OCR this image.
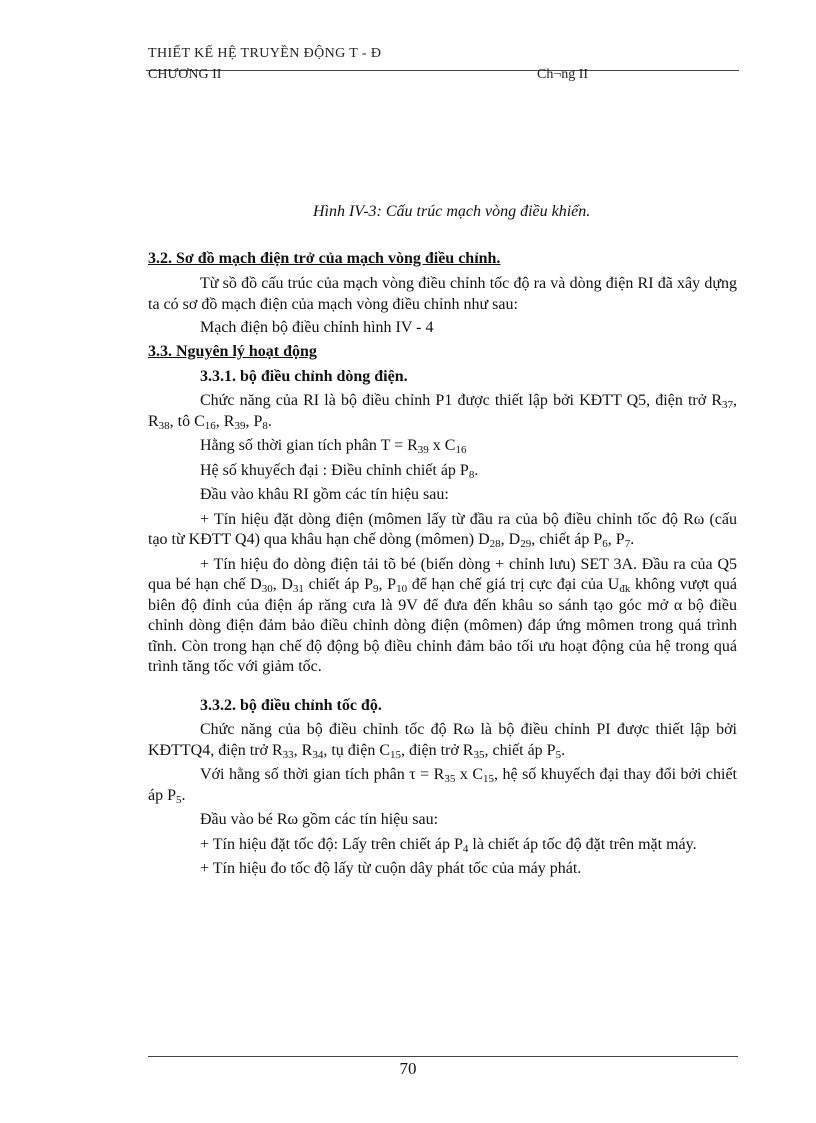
THIẾT KẾ HỆ TRUYỀN ĐỘNG T - Đ
CHƯƠNG II	Ch¬ng II
Hình IV-3: Cấu trúc mạch vòng điều khiển.
3.2. Sơ đồ mạch điện trở của mạch vòng điều chỉnh.

Từ sồ đồ cấu trúc của mạch vòng điều chỉnh tốc độ ra và dòng điện RI đã xây dựng ta có sơ đồ mạch điện của mạch vòng điều chỉnh như sau:

Mạch điện bộ điều chỉnh hình IV - 4
3.3. Nguyên lý hoạt động
3.3.1. bộ điều chỉnh dòng điện.

Chức năng của RI là bộ điều chỉnh P1 được thiết lập bởi KĐTT Q5, điện trở $R_{37}$, $R_{38}$, tô $C_{16}$, $R_{39}$, $P_8$.

Hằng số thời gian tích phân $T = R_{39}$ x $C_{16}$

Hệ số khuyếch đại : Điều chỉnh chiết áp $P_8$.

Đầu vào khâu RI gồm các tín hiệu sau:

+ Tín hiệu đặt dòng điện (mômen lấy từ đầu ra của bộ điều chỉnh tốc độ Rω (cấu tạo từ KĐTT Q4) qua khâu hạn chế dòng (mômen) $D_{28}$, $D_{29}$, chiết áp $P_6$, $P_7$.

+ Tín hiệu đo dòng điện tải tõ bé (biến dòng + chỉnh lưu) SET 3A. Đầu ra của Q5 qua bé hạn chế $D_{30}$, $D_{31}$ chiết áp $P_9$, $P_{10}$ để hạn chế giá trị cực đại của $U_{đk}$ không vượt quá biên độ đỉnh của điện áp răng cưa là 9V để đưa đến khâu so sánh tạo góc mở α bộ điều chỉnh dòng điện đảm bảo điều chỉnh dòng điện (mômen) đáp ứng mômen trong quá trình tĩnh. Còn trong hạn chế độ động bộ điều chỉnh đảm bảo tối ưu hoạt động của hệ trong quá trình tăng tốc với giảm tốc.

3.3.2. bộ điều chỉnh tốc độ.

Chức năng của bộ điều chỉnh tốc độ Rω là bộ điều chỉnh PI được thiết lập bởi KĐTTQ4, điện trở $R_{33}$, $R_{34}$, tụ điện $C_{15}$, điện trở $R_{35}$, chiết áp $P_5$.

Với hằng số thời gian tích phân $\tau = R_{35}$ x $C_{15}$, hệ số khuyếch đại thay đổi bởi chiết áp $P_5$.

Đầu vào bé Rω gồm các tín hiệu sau:

+ Tín hiệu đặt tốc độ: Lấy trên chiết áp $P_4$ là chiết áp tốc độ đặt trên mặt máy.

+ Tín hiệu đo tốc độ lấy từ cuộn dây phát tốc của máy phát.

70
